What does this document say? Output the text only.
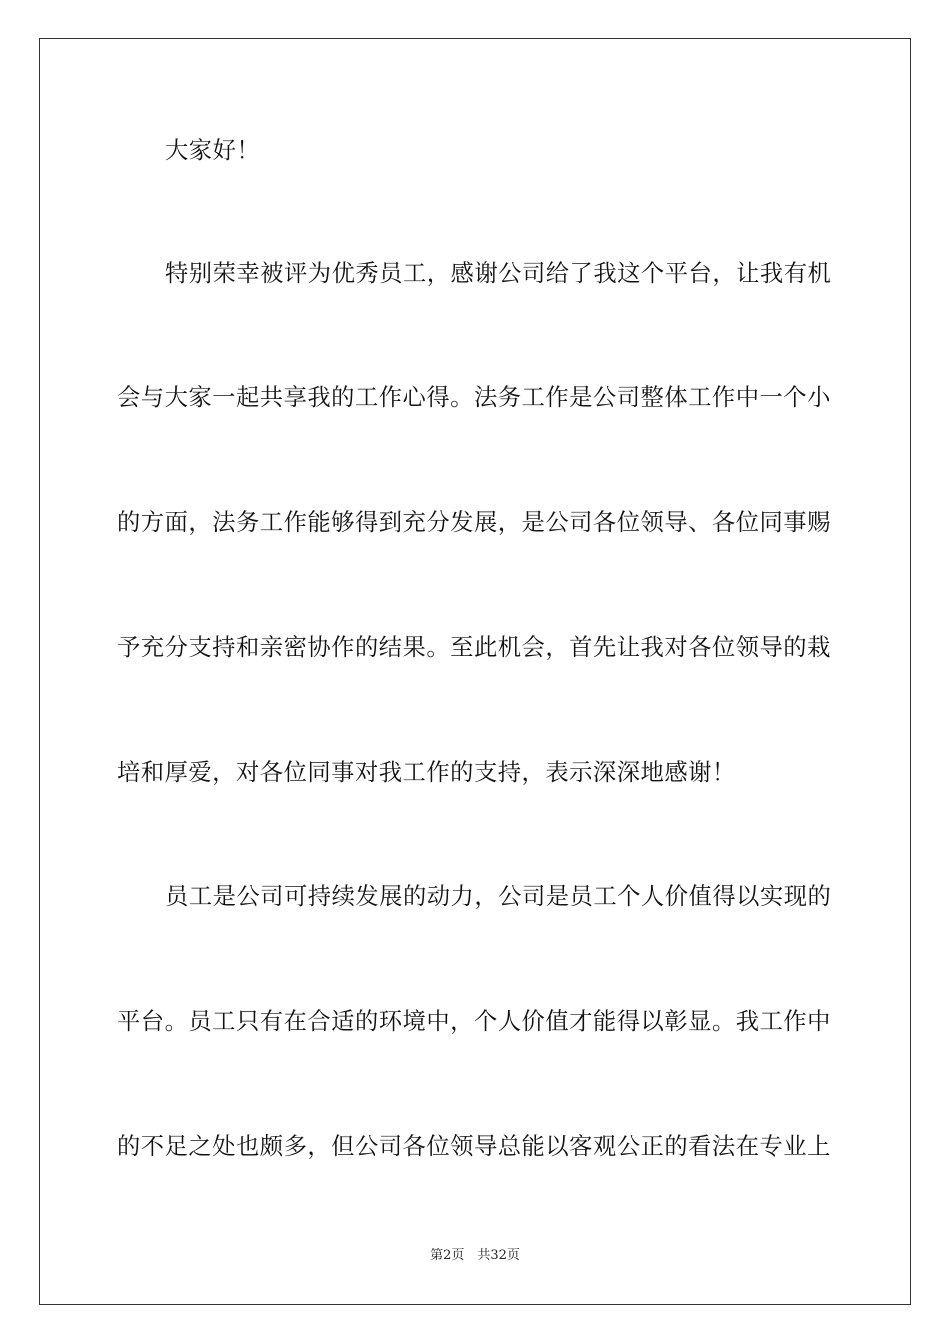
大家好！
特别荣幸被评为优秀员工，感谢公司给了我这个平台，让我有机
会与大家一起共享我的工作心得。法务工作是公司整体工作中一个小
的方面，法务工作能够得到充分发展，是公司各位领导、各位同事赐
予充分支持和亲密协作的结果。至此机会，首先让我对各位领导的栽
培和厚爱，对各位同事对我工作的支持，表示深深地感谢！
员工是公司可持续发展的动力，公司是员工个人价值得以实现的
平台。员工只有在合适的环境中，个人价值才能得以彰显。我工作中
的不足之处也颇多，但公司各位领导总能以客观公正的看法在专业上
第2页　共32页
